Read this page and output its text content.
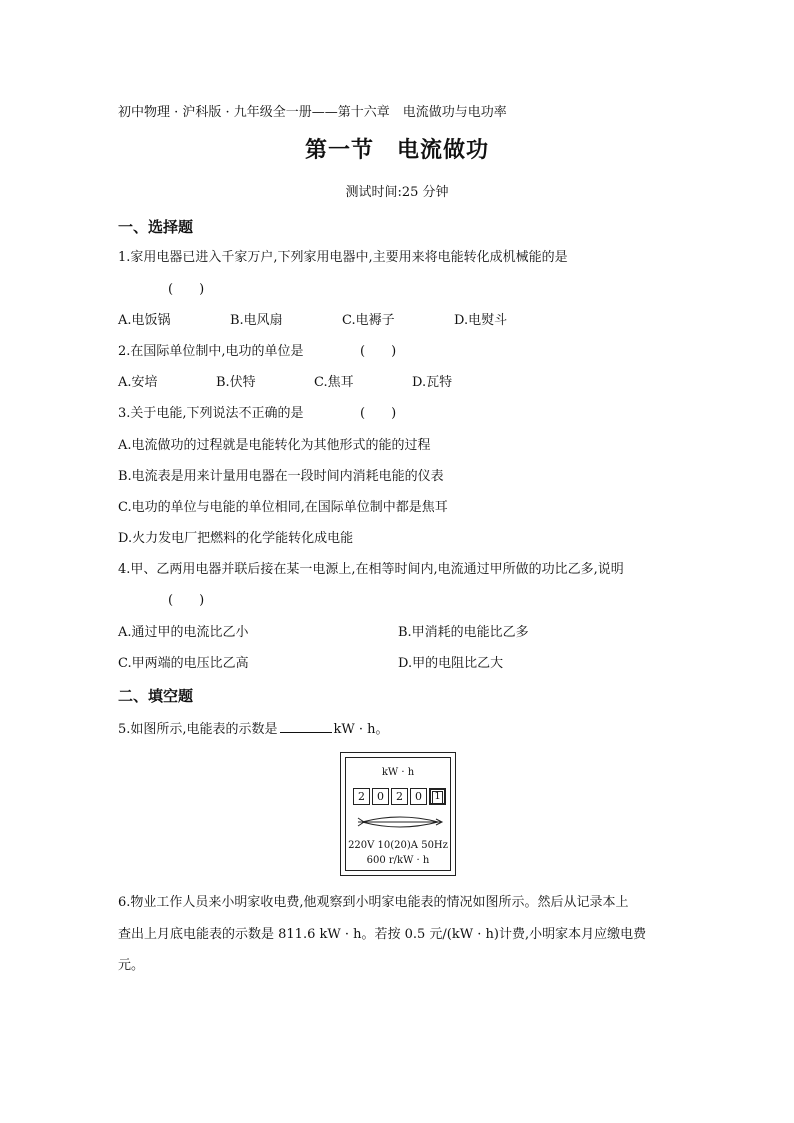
初中物理 · 沪科版 · 九年级全一册——第十六章　电流做功与电功率
第一节　电流做功
测试时间:25 分钟
一、选择题
1.家用电器已进入千家万户,下列家用电器中,主要用来将电能转化成机械能的是
(　　)
A.电饭锅	B.电风扇	C.电褥子	D.电熨斗
2.在国际单位制中,电功的单位是	(　　)
A.安培	B.伏特	C.焦耳	D.瓦特
3.关于电能,下列说法不正确的是	(　　)
A.电流做功的过程就是电能转化为其他形式的能的过程
B.电流表是用来计量用电器在一段时间内消耗电能的仪表
C.电功的单位与电能的单位相同,在国际单位制中都是焦耳
D.火力发电厂把燃料的化学能转化成电能
4.甲、乙两用电器并联后接在某一电源上,在相等时间内,电流通过甲所做的功比乙多,说明
(　　)
A.通过甲的电流比乙小	B.甲消耗的电能比乙多
C.甲两端的电压比乙高	D.甲的电阻比乙大
二、填空题
5.如图所示,电能表的示数是	kW · h。
kW · h
2	0	2	0	1
220V 10(20)A 50Hz
600 r/kW · h
6.物业工作人员来小明家收电费,他观察到小明家电能表的情况如图所示。然后从记录本上
查出上月底电能表的示数是 811.6 kW · h。若按 0.5 元/(kW · h)计费,小明家本月应缴电费
元。
